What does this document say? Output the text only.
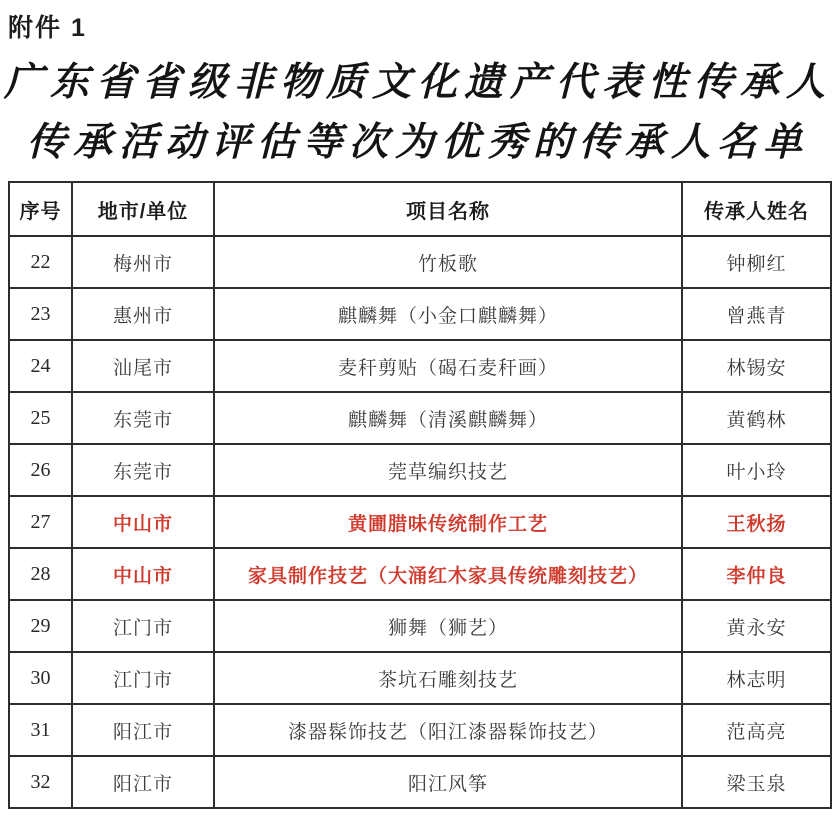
附件 1
广东省省级非物质文化遗产代表性传承人
传承活动评估等次为优秀的传承人名单
序号	地市/单位	项目名称	传承人姓名
22	梅州市	竹板歌	钟柳红
23	惠州市	麒麟舞（小金口麒麟舞）	曾燕青
24	汕尾市	麦秆剪贴（碣石麦秆画）	林锡安
25	东莞市	麒麟舞（清溪麒麟舞）	黄鹤林
26	东莞市	莞草编织技艺	叶小玲
27	中山市	黄圃腊味传统制作工艺	王秋扬
28	中山市	家具制作技艺（大涌红木家具传统雕刻技艺）	李仲良
29	江门市	狮舞（狮艺）	黄永安
30	江门市	茶坑石雕刻技艺	林志明
31	阳江市	漆器髹饰技艺（阳江漆器髹饰技艺）	范高亮
32	阳江市	阳江风筝	梁玉泉
